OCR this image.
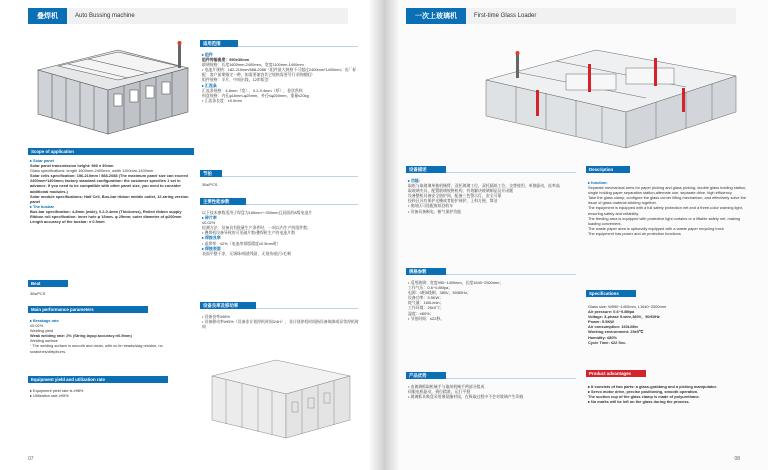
叠焊机	Auto Bussing machine
Scope of application
▸ Solar panel
Solar panel transmission height: 980 ± 30mm
Glass specifications: length 1600mm-2400mm, width 1100mm-1400mm
Solar cells specification: 156-210mm / 588-2088 (The maximum panel size can exceed 2400mm*1400mm; factory standard configuration: the customer specifies 1 set in advance. If you need to be compatible with other panel size, you need to consider additional modules.)
Solar module specifications: Half Cell, Bus-bar ribbon middle outlet, 12-string version panel
▸ The busbar
Bus-bar specification: 4-8mm (wide), 0.2-0.4mm (Thickness), Rolled ribbon supply
Ribbon roll specification: inner hole φ 16mm- φ 25mm; outer diameter of φ200mm
Length accuracy of the busbar: ± 0.5mm
Beat
30s/PCS
Main performance parameters
▸ Breakage rate
≤0.02%
Welding yield
Weak welding rate: 2% (String layup accuracy:±0.5mm)
Welding surface
· The welding surface is smooth and clean, with no tin beads/slag residue, no scratches/dirty/burrs.
Equipment yield and utilization rate
▸ Equipment yield rate is ≥98%
▸ Utilization rate ≥95%
适用范围
▸ 组件
组件传输高度：950±30mm
玻璃规格：长度1600mm-2400mm，宽度1100mm-1400mm
• 电池片规格：182-210mm/588-2088（组件最大规格不可超过2400mm*1400mm；出厂标配：客户前期指定一种，如需要兼容其它规格需要另行采购模组）
组件规格：半片，中间出线，12串版型
▸ 汇流条
汇流条规格：4-8mm（宽），0.2-0.4mm（厚），卷状供料
料盘规格：内孔φ16mm-φ25mm，外径≤φ200mm，重量≤20kg
• 汇流条长度：±0.5mm
节拍
30s/PCS
主要性能参数
以下技术参数适用于焊盘为160mm～300mm且双面的A级电池片
▸ 碎片率
≤0.02%
检测方法：设备具有批量生产条件时，一周以内生产的组件数；
• 叠焊机设备导致的可见破片数/叠焊机生产的电池片数
▸ 焊接良率
• 虚焊率：≤2%（电池串排版精度±0.5mm时）
▸ 焊接表面
表面平整干净，无锡珠/锡渣残留，无划伤/脏污/毛刺
设备良率及移动率
• 设备良率≥98%
• 设备移动率≥95%（设备非计划停机时间/24H），非计划停机时间指设备故障或异常停机时间
07
一次上玻璃机	First-time Glass Loader
设备描述
▸ 功能:
取纸与取玻璃单独机械臂，双托玻璃工位，双托隔纸工位，交替使用，单独驱动，连率高
取玻璃夹具，配置玻璃规格机构，有效解决玻璃制品及开闭题
设备整机具备安全防护网，配备三色警示灯，安全可靠
投料区具有保护光栅或者防护网护，上料方便，简洁
• 废纸区可选配废纸回收车
• 设备具备断电、断气保护功能
规格参数
• 适用玻璃：宽度990~1400mm，长度1640~2500mm；
工作气压：0.6~0.8Mpa；
电源：3相5线制，380V，50/60Hz；
设备功率：5.5KW；
耗气量：160L/min；
工作环境：25±5℃；
湿度：≤80%；
• 节拍时间：≤22秒。
产品优势
• 由玻璃抓取机械手与取纸机械手两部分组成
伺服电机驱动，到位精准，运行平稳
• 玻璃抓具吸盘采用聚氨酯材质，在吸取过程中不会对玻璃产生印痕
Description
▸ function:
Separate mechanical arms for paper picking and glass picking, double glass holding station, single holding paper separation station,alternate use, separate drive, high efficiency
Take the glass clamp, configure the glass corner lifting mechanism, and effectively solve the issue of glass material sticking together.
The equipment is equipped with a full safety protection net and a three-color warning light, ensuring safety and reliability.
The feeding area is equipped with protective light curtains or a liftable safety net, making loading convenient.
The waste paper area is optionally equipped with a waste paper recycling truck
The equipment has power and air protection functions
Specifications
Glass size: W990~1400mm, L1640~2500mm
Air pressure: 0.6~0.8Mpa
Voltage: 3-phase 5-wire,380V，50/60Hz
Power: 5.5KW
Air consumption: 160L/Min
Working environment: 25±5℃
Humidity: ≤80%
Cycle Time: ≤22 Sec.
Product advantages
▸ It consists of two parts: a glass-grabbing and a picking manipulator.
▸ Servo motor drive, precise positioning, smooth operation.
The suction cup of the glass clamp is made of polyurethane.
▸ No marks will be left on the glass during the process.
08
